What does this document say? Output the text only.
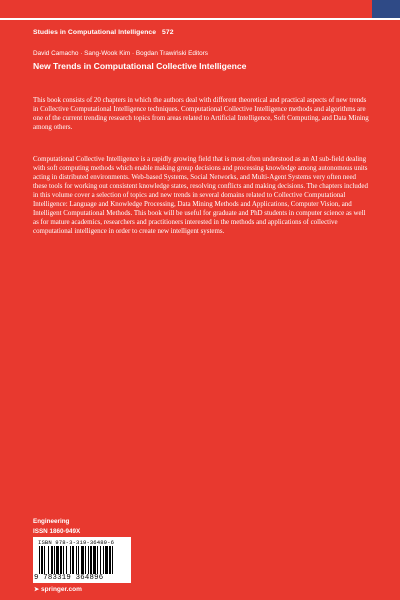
Studies in Computational Intelligence 572
David Camacho · Sang-Wook Kim · Bogdan Trawiński Editors
New Trends in Computational Collective Intelligence
This book consists of 20 chapters in which the authors deal with different theoretical and practical aspects of new trends in Collective Computational Intelligence techniques. Computational Collective Intelligence methods and algorithms are one of the current trending research topics from areas related to Artificial Intelligence, Soft Computing, and Data Mining among others.
Computational Collective Intelligence is a rapidly growing field that is most often understood as an AI sub-field dealing with soft computing methods which enable making group decisions and processing knowledge among autonomous units acting in distributed environments. Web-based Systems, Social Networks, and Multi-Agent Systems very often need these tools for working out consistent knowledge states, resolving conflicts and making decisions. The chapters included in this volume cover a selection of topics and new trends in several domains related to Collective Computational Intelligence: Language and Knowledge Processing, Data Mining Methods and Applications, Computer Vision, and Intelligent Computational Methods. This book will be useful for graduate and PhD students in computer science as well as for mature academics, researchers and practitioners interested in the methods and applications of collective computational intelligence in order to create new intelligent systems.
Engineering
ISSN 1860-949X
ISBN 978-3-319-36489-6
9 783319 364896
➤ springer.com
